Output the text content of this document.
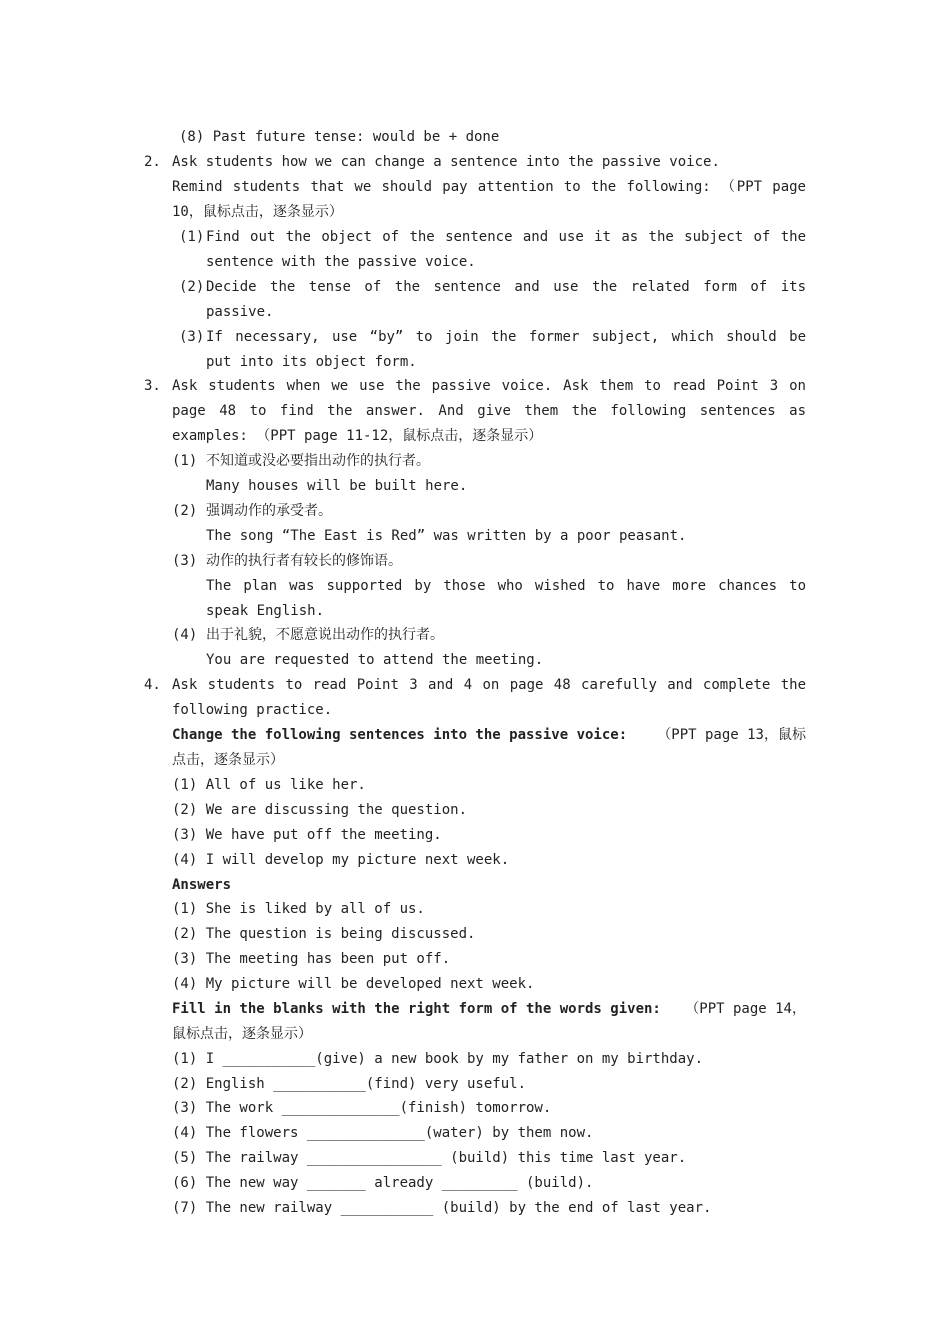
(8) Past future tense: would be + done
2. Ask students how we can change a sentence into the passive voice.
Remind students that we should pay attention to the following: （PPT page
10，鼠标点击，逐条显示）
(1) Find out the object of the sentence and use it as the subject of the
sentence with the passive voice.
(2) Decide the tense of the sentence and use the related form of its
passive.
(3) If necessary, use “by” to join the former subject, which should be
put into its object form.
3. Ask students when we use the passive voice. Ask them to read Point 3 on
page 48 to find the answer. And give them the following sentences as
examples: （PPT page 11-12，鼠标点击，逐条显示）
(1) 不知道或没必要指出动作的执行者。
Many houses will be built here.
(2) 强调动作的承受者。
The song “The East is Red” was written by a poor peasant.
(3) 动作的执行者有较长的修饰语。
The plan was supported by those who wished to have more chances to
speak English.
(4) 出于礼貌，不愿意说出动作的执行者。
You are requested to attend the meeting.
4. Ask students to read Point 3 and 4 on page 48 carefully and complete the
following practice.
Change the following sentences into the passive voice: （PPT page 13，鼠标
点击，逐条显示）
(1) All of us like her.
(2) We are discussing the question.
(3) We have put off the meeting.
(4) I will develop my picture next week.
Answers
(1) She is liked by all of us.
(2) The question is being discussed.
(3) The meeting has been put off.
(4) My picture will be developed next week.
Fill in the blanks with the right form of the words given: （PPT page 14，
鼠标点击，逐条显示）
(1) I ___________(give) a new book by my father on my birthday.
(2) English ___________(find) very useful.
(3) The work ______________(finish) tomorrow.
(4) The flowers ______________(water) by them now.
(5) The railway ________________ (build) this time last year.
(6) The new way _______ already _________ (build).
(7) The new railway ___________ (build) by the end of last year.
